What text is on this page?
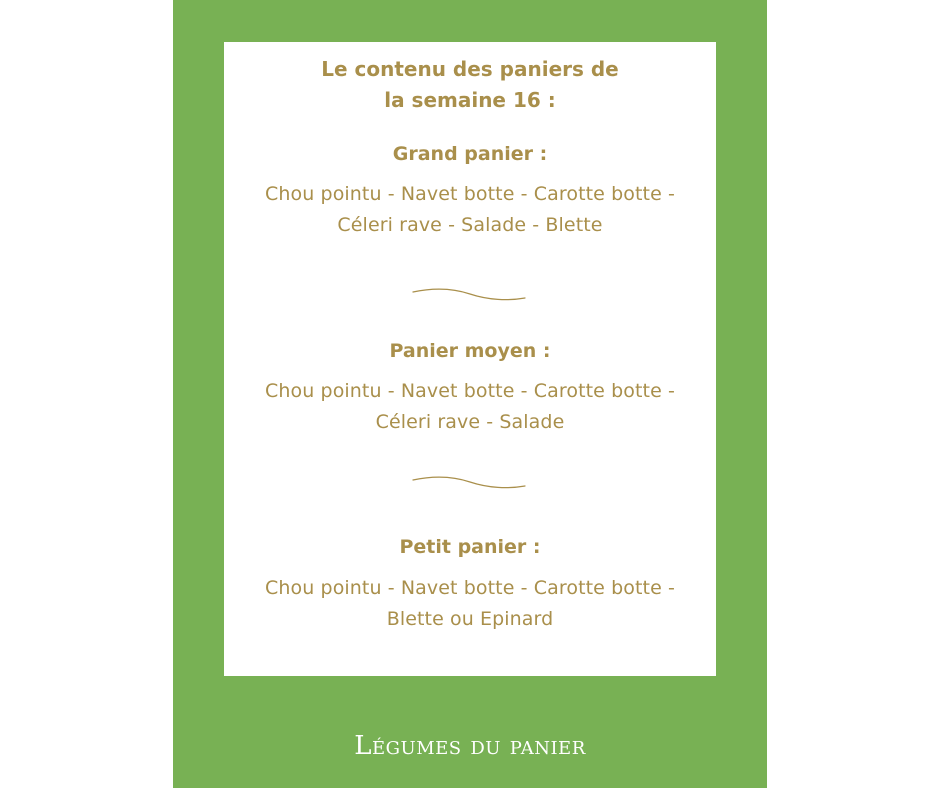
Le contenu des paniers de
la semaine 16 :
Grand panier :

Chou pointu - Navet botte - Carotte botte -
Céleri rave - Salade - Blette

Panier moyen :

Chou pointu - Navet botte - Carotte botte -
Céleri rave - Salade

Petit panier :

Chou pointu - Navet botte - Carotte botte -
Blette ou Epinard

Légumes du panier
